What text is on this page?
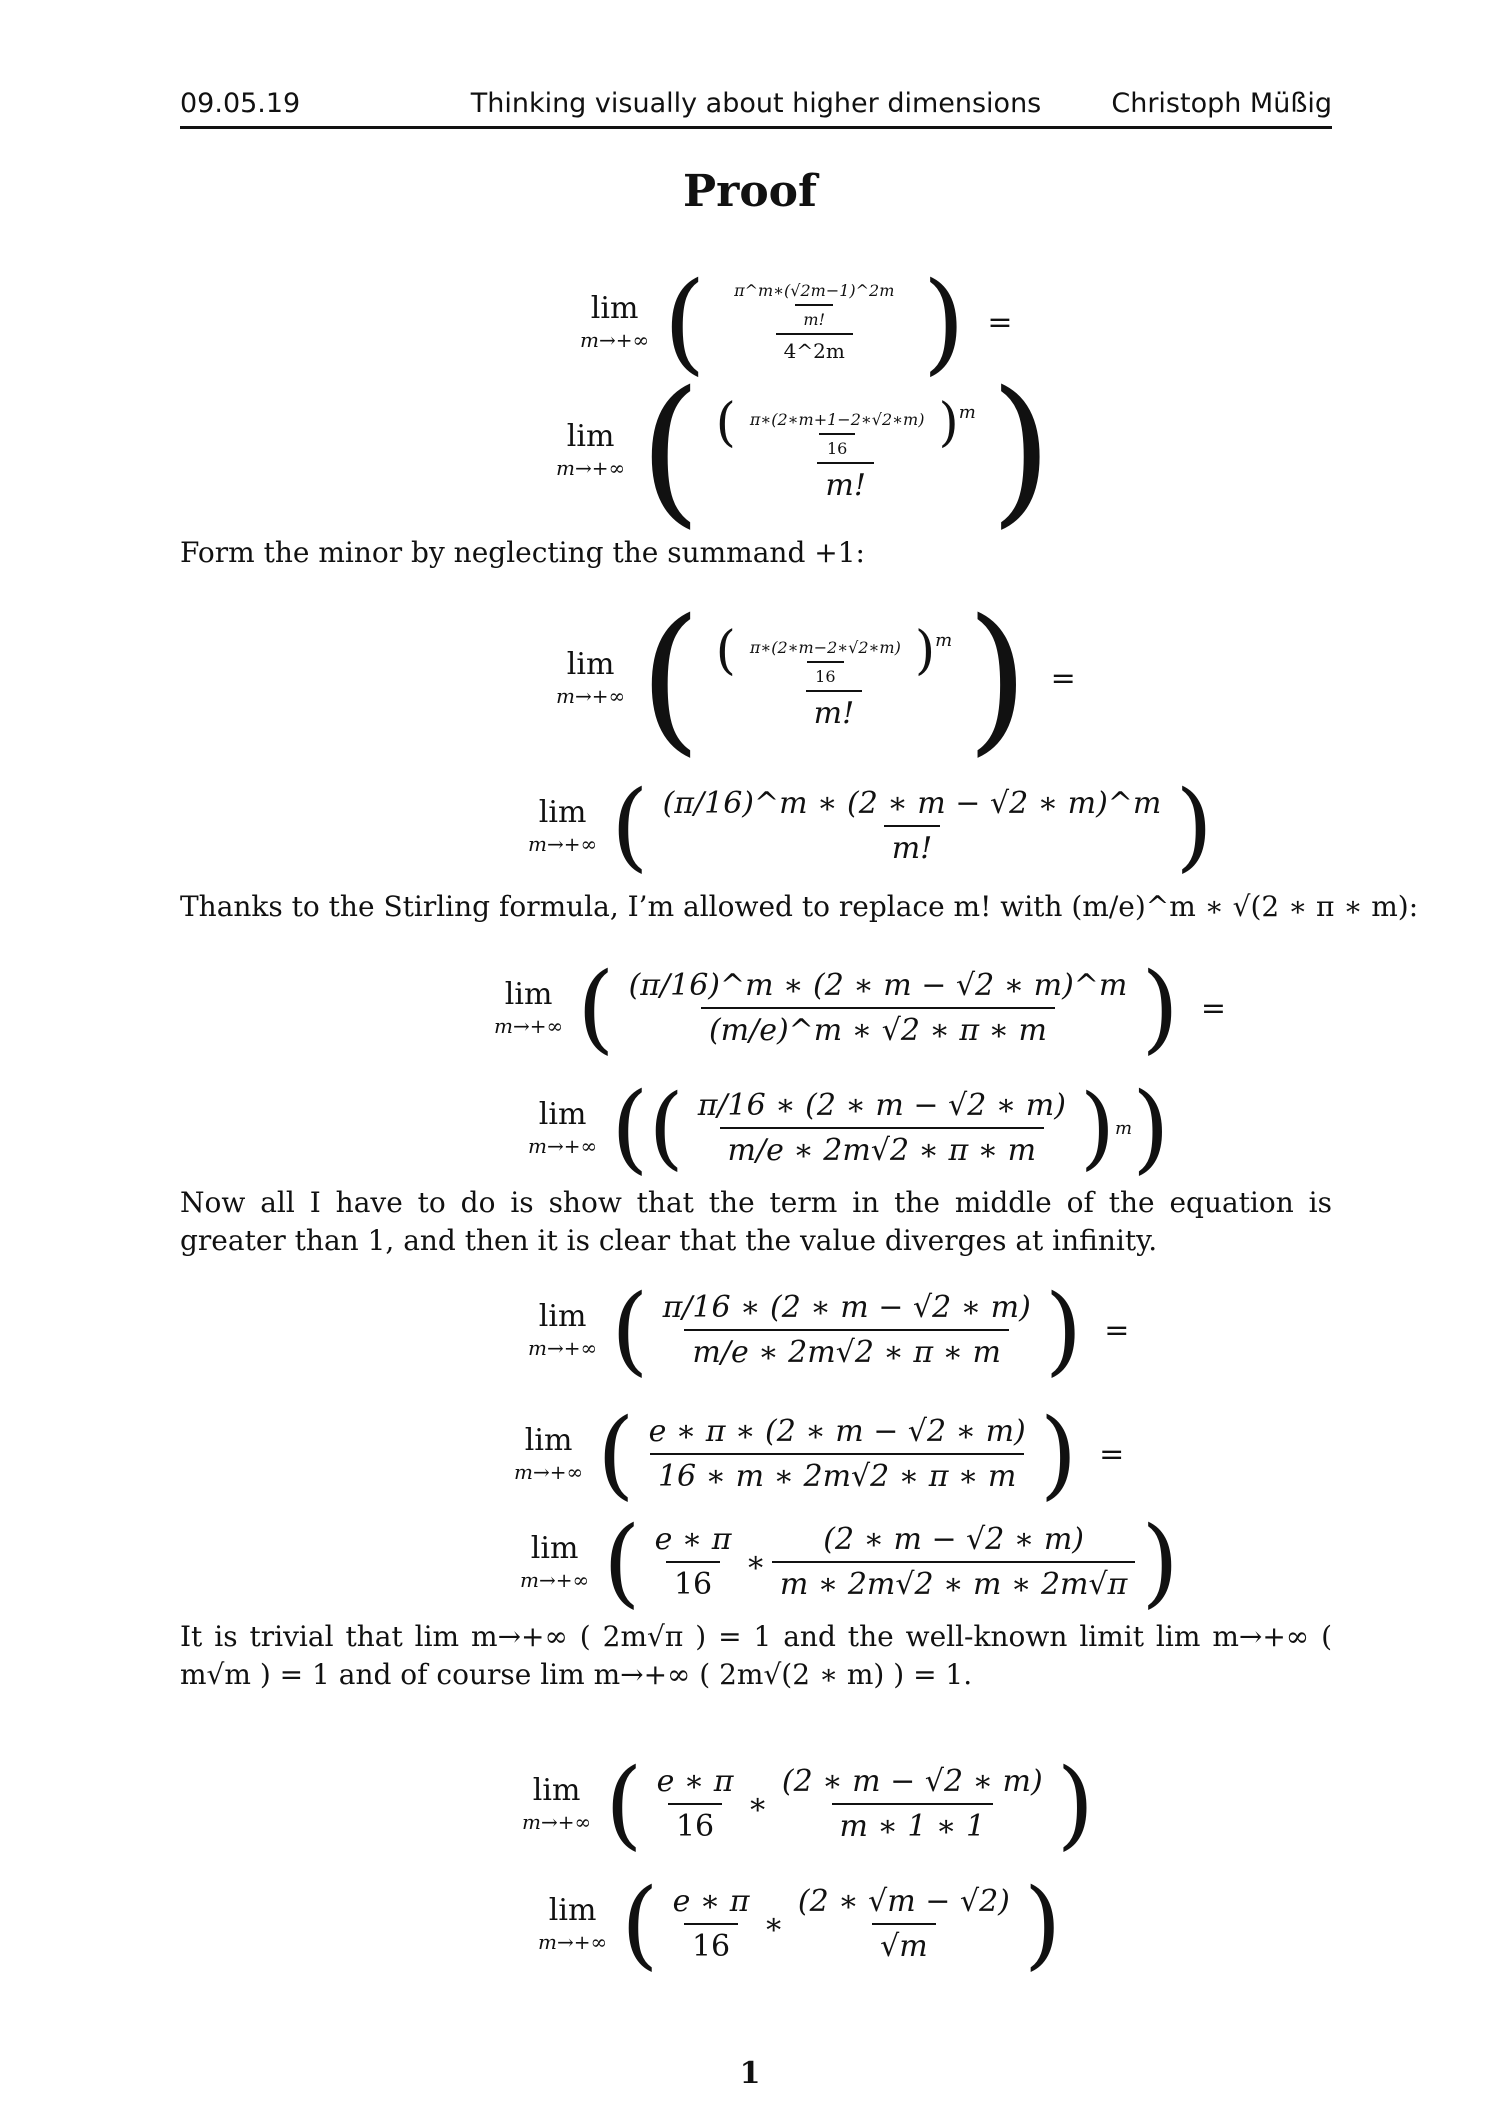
09.05.19	Thinking visually about higher dimensions	Christoph Müßig
Proof
lim
m→+∞ ( $\frac{\frac{\pi\^{}m∗(√2m-1)\^{}2m}{m!}}{4\^{}2m}$ ) =
lim
m→+∞ ( $\frac{( \frac{\pi∗(2∗m+1-2∗√2∗m)}{16} )^m}{m!}$ )
Form the minor by neglecting the summand +1:
lim
m→+∞ ( $\frac{( \frac{\pi∗(2∗m-2∗√2∗m)}{16} )^m}{m!}$ ) =
lim
m→+∞ ( $\frac{(\pi/16)\^{}m ∗ (2 ∗ m - √2 ∗ m)\^{}m}{m!}$ )
Thanks to the Stirling formula, I’m allowed to replace m! with (m/e)^m ∗ √(2 ∗ π ∗ m):
lim
m→+∞ ( $\frac{(\pi/16)\^{}m ∗ (2 ∗ m - √2 ∗ m)\^{}m}{(m/e)\^{}m ∗ √2 ∗ \pi ∗ m}$ ) =
lim
m→+∞ ( ( $\frac{\pi/16 ∗ (2 ∗ m - √2 ∗ m)}{m/e ∗ 2m√2 ∗ \pi ∗ m}$ ) m )
Now all I have to do is show that the term in the middle of the equation is greater than 1, and then it is clear that the value diverges at infinity.
lim
m→+∞ ( $\frac{\pi/16 ∗ (2 ∗ m - √2 ∗ m)}{m/e ∗ 2m√2 ∗ \pi ∗ m}$ ) =
lim
m→+∞ ( $\frac{e ∗ \pi ∗ (2 ∗ m - √2 ∗ m)}{16 ∗ m ∗ 2m√2 ∗ \pi ∗ m}$ ) =
lim
m→+∞ ( $\frac{e ∗ \pi}{16}$ ∗ $\frac{(2 ∗ m - √2 ∗ m)}{m ∗ 2m√2 ∗ m ∗ 2m√\pi}$ )
It is trivial that lim m→+∞ ( 2m√π ) = 1 and the well-known limit lim m→+∞ ( m√m ) = 1 and of course lim m→+∞ ( 2m√(2 ∗ m) ) = 1.
lim
m→+∞ ( $\frac{e ∗ \pi}{16}$ ∗ $\frac{(2 ∗ m - √2 ∗ m)}{m ∗ 1 ∗ 1}$ )
lim
m→+∞ ( $\frac{e ∗ \pi}{16}$ ∗ $\frac{(2 ∗ √m - √2)}{√m}$ )
1
